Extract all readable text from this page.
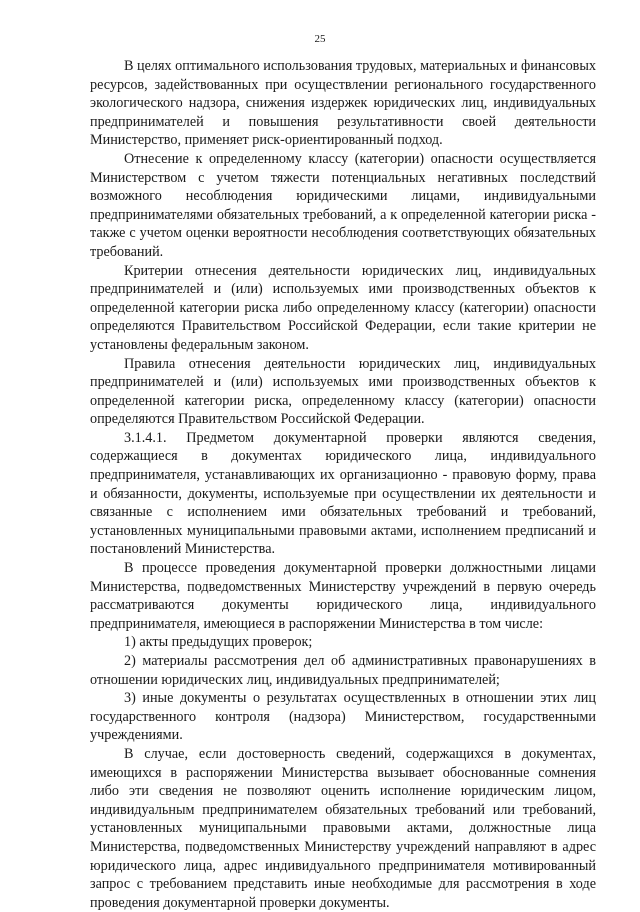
25

В целях оптимального использования трудовых, материальных и финансовых ресурсов, задействованных при осуществлении регионального государственного экологического надзора, снижения издержек юридических лиц, индивидуальных предпринимателей и повышения результативности своей деятельности Министерство, применяет риск-ориентированный подход.

Отнесение к определенному классу (категории) опасности осуществляется Министерством с учетом тяжести потенциальных негативных последствий возможного несоблюдения юридическими лицами, индивидуальными предпринимателями обязательных требований, а к определенной категории риска - также с учетом оценки вероятности несоблюдения соответствующих обязательных требований.

Критерии отнесения деятельности юридических лиц, индивидуальных предпринимателей и (или) используемых ими производственных объектов к определенной категории риска либо определенному классу (категории) опасности определяются Правительством Российской Федерации, если такие критерии не установлены федеральным законом.

Правила отнесения деятельности юридических лиц, индивидуальных предпринимателей и (или) используемых ими производственных объектов к определенной категории риска, определенному классу (категории) опасности определяются Правительством Российской Федерации.

3.1.4.1. Предметом документарной проверки являются сведения, содержащиеся в документах юридического лица, индивидуального предпринимателя, устанавливающих их организационно - правовую форму, права и обязанности, документы, используемые при осуществлении их деятельности и связанные с исполнением ими обязательных требований и требований, установленных муниципальными правовыми актами, исполнением предписаний и постановлений Министерства.

В процессе проведения документарной проверки должностными лицами Министерства, подведомственных Министерству учреждений в первую очередь рассматриваются документы юридического лица, индивидуального предпринимателя, имеющиеся в распоряжении Министерства в том числе:

1) акты предыдущих проверок;

2) материалы рассмотрения дел об административных правонарушениях в отношении юридических лиц, индивидуальных предпринимателей;

3) иные документы о результатах осуществленных в отношении этих лиц государственного контроля (надзора) Министерством, государственными учреждениями.

В случае, если достоверность сведений, содержащихся в документах, имеющихся в распоряжении Министерства вызывает обоснованные сомнения либо эти сведения не позволяют оценить исполнение юридическим лицом, индивидуальным предпринимателем обязательных требований или требований, установленных муниципальными правовыми актами, должностные лица Министерства, подведомственных Министерству учреждений направляют в адрес юридического лица, адрес индивидуального предпринимателя мотивированный запрос с требованием представить иные необходимые для рассмотрения в ходе проведения документарной проверки документы.
